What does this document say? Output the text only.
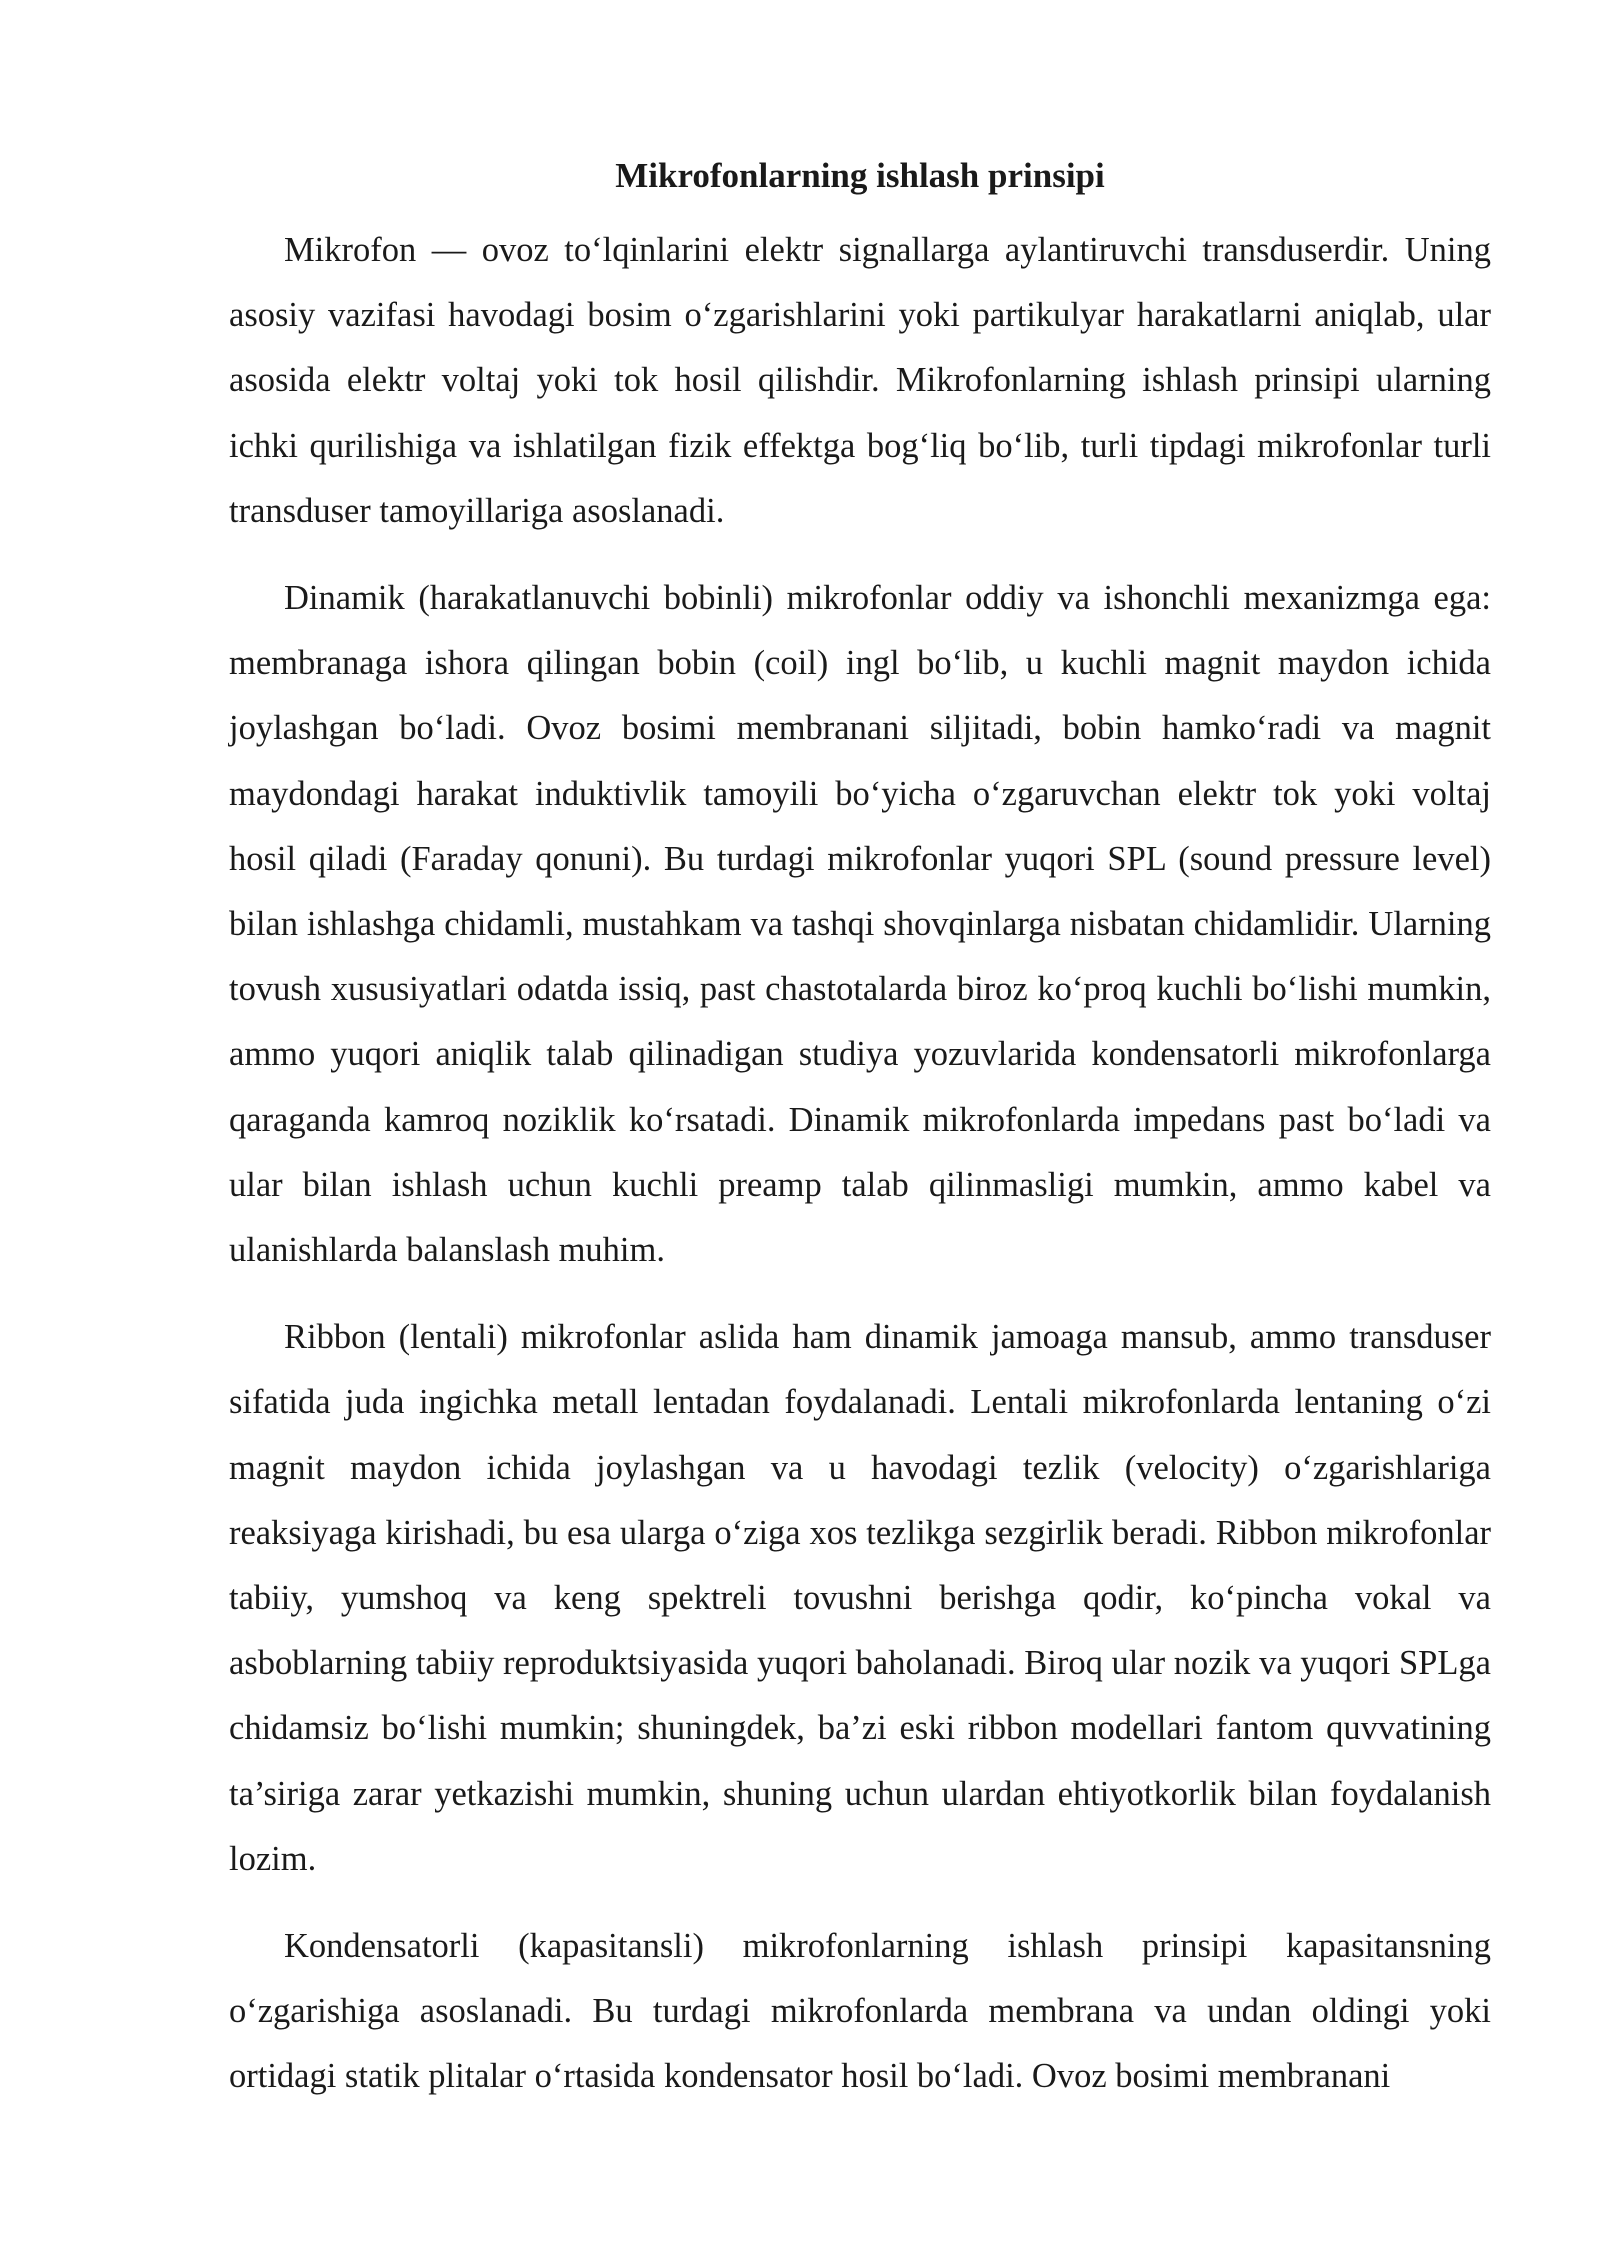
Mikrofonlarning ishlash prinsipi

Mikrofon — ovoz to‘lqinlarini elektr signallarga aylantiruvchi transduserdir. Uning asosiy vazifasi havodagi bosim o‘zgarishlarini yoki partikulyar harakatlarni aniqlab, ular asosida elektr voltaj yoki tok hosil qilishdir. Mikrofonlarning ishlash prinsipi ularning ichki qurilishiga va ishlatilgan fizik effektga bog‘liq bo‘lib, turli tipdagi mikrofonlar turli transduser tamoyillariga asoslanadi.

Dinamik (harakatlanuvchi bobinli) mikrofonlar oddiy va ishonchli mexanizmga ega: membranaga ishora qilingan bobin (coil) ingl bo‘lib, u kuchli magnit maydon ichida joylashgan bo‘ladi. Ovoz bosimi membranani siljitadi, bobin hamko‘radi va magnit maydondagi harakat induktivlik tamoyili bo‘yicha o‘zgaruvchan elektr tok yoki voltaj hosil qiladi (Faraday qonuni). Bu turdagi mikrofonlar yuqori SPL (sound pressure level) bilan ishlashga chidamli, mustahkam va tashqi shovqinlarga nisbatan chidamlidir. Ularning tovush xususiyatlari odatda issiq, past chastotalarda biroz ko‘proq kuchli bo‘lishi mumkin, ammo yuqori aniqlik talab qilinadigan studiya yozuvlarida kondensatorli mikrofonlarga qaraganda kamroq noziklik ko‘rsatadi. Dinamik mikrofonlarda impedans past bo‘ladi va ular bilan ishlash uchun kuchli preamp talab qilinmasligi mumkin, ammo kabel va ulanishlarda balanslash muhim.

Ribbon (lentali) mikrofonlar aslida ham dinamik jamoaga mansub, ammo transduser sifatida juda ingichka metall lentadan foydalanadi. Lentali mikrofonlarda lentaning o‘zi magnit maydon ichida joylashgan va u havodagi tezlik (velocity) o‘zgarishlariga reaksiyaga kirishadi, bu esa ularga o‘ziga xos tezlikga sezgirlik beradi. Ribbon mikrofonlar tabiiy, yumshoq va keng spektreli tovushni berishga qodir, ko‘pincha vokal va asboblarning tabiiy reproduktsiyasida yuqori baholanadi. Biroq ular nozik va yuqori SPLga chidamsiz bo‘lishi mumkin; shuningdek, ba’zi eski ribbon modellari fantom quvvatining ta’siriga zarar yetkazishi mumkin, shuning uchun ulardan ehtiyotkorlik bilan foydalanish lozim.

Kondensatorli (kapasitansli) mikrofonlarning ishlash prinsipi kapasitansning o‘zgarishiga asoslanadi. Bu turdagi mikrofonlarda membrana va undan oldingi yoki ortidagi statik plitalar o‘rtasida kondensator hosil bo‘ladi. Ovoz bosimi membranani
